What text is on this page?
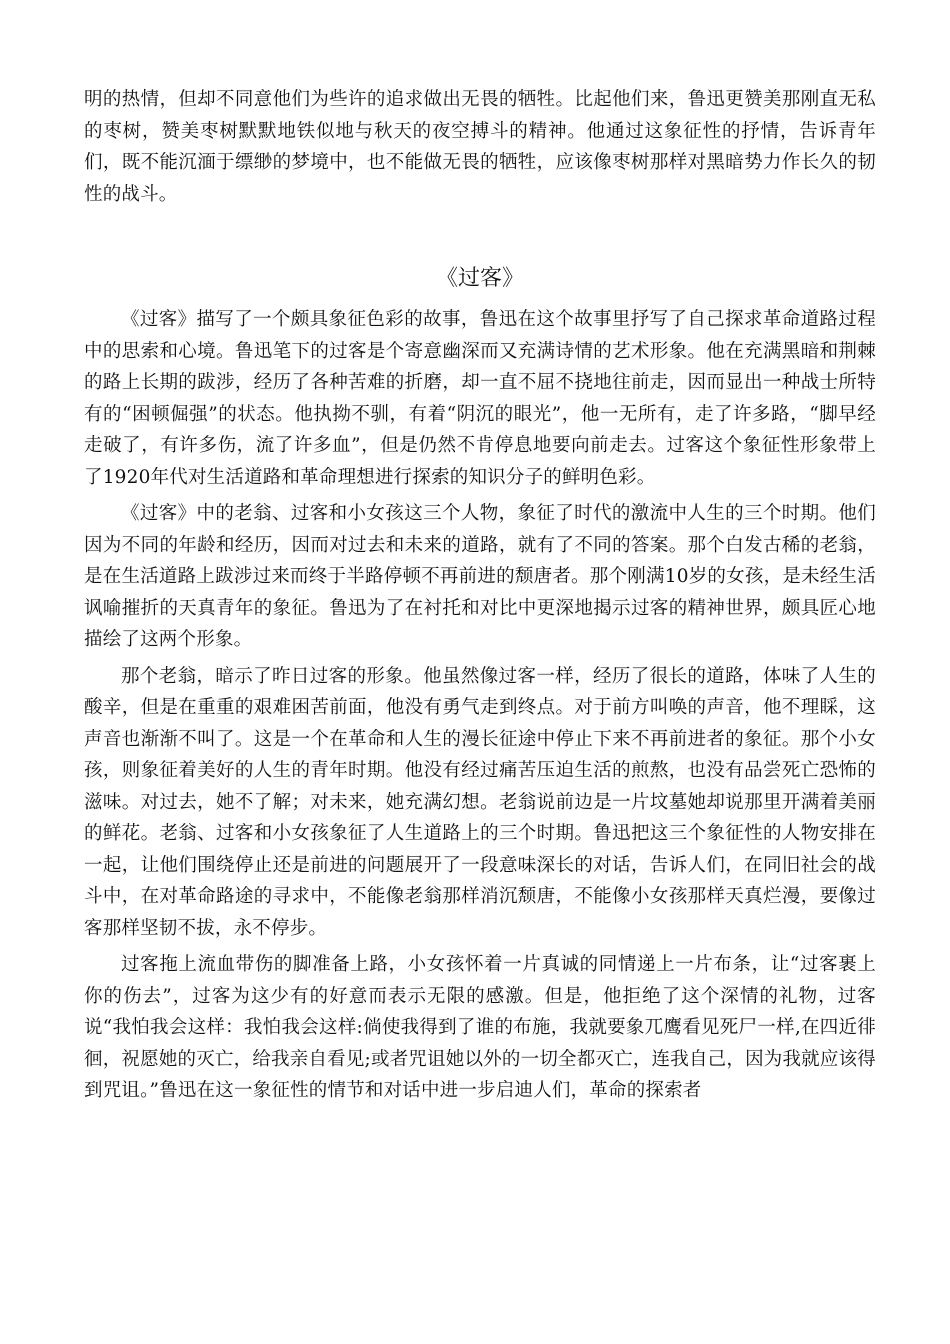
明的热情，但却不同意他们为些许的追求做出无畏的牺牲。比起他们来，鲁迅更赞美那刚直无私的枣树，赞美枣树默默地铁似地与秋天的夜空搏斗的精神。他通过这象征性的抒情，告诉青年们，既不能沉湎于缥缈的梦境中，也不能做无畏的牺牲，应该像枣树那样对黑暗势力作长久的韧性的战斗。

《过客》

《过客》描写了一个颇具象征色彩的故事，鲁迅在这个故事里抒写了自己探求革命道路过程中的思索和心境。鲁迅笔下的过客是个寄意幽深而又充满诗情的艺术形象。他在充满黑暗和荆棘的路上长期的跋涉，经历了各种苦难的折磨，却一直不屈不挠地往前走，因而显出一种战士所特有的“困顿倔强”的状态。他执拗不驯，有着“阴沉的眼光”，他一无所有，走了许多路，“脚早经走破了，有许多伤，流了许多血”，但是仍然不肯停息地要向前走去。过客这个象征性形象带上了1920年代对生活道路和革命理想进行探索的知识分子的鲜明色彩。

《过客》中的老翁、过客和小女孩这三个人物，象征了时代的激流中人生的三个时期。他们因为不同的年龄和经历，因而对过去和未来的道路，就有了不同的答案。那个白发古稀的老翁，是在生活道路上跋涉过来而终于半路停顿不再前进的颓唐者。那个刚满10岁的女孩，是未经生活讽喻摧折的天真青年的象征。鲁迅为了在衬托和对比中更深地揭示过客的精神世界，颇具匠心地描绘了这两个形象。

那个老翁，暗示了昨日过客的形象。他虽然像过客一样，经历了很长的道路，体味了人生的酸辛，但是在重重的艰难困苦前面，他没有勇气走到终点。对于前方叫唤的声音，他不理睬，这声音也渐渐不叫了。这是一个在革命和人生的漫长征途中停止下来不再前进者的象征。那个小女孩，则象征着美好的人生的青年时期。他没有经过痛苦压迫生活的煎熬，也没有品尝死亡恐怖的滋味。对过去，她不了解；对未来，她充满幻想。老翁说前边是一片坟墓她却说那里开满着美丽的鲜花。老翁、过客和小女孩象征了人生道路上的三个时期。鲁迅把这三个象征性的人物安排在一起，让他们围绕停止还是前进的问题展开了一段意味深长的对话，告诉人们，在同旧社会的战斗中，在对革命路途的寻求中，不能像老翁那样消沉颓唐，不能像小女孩那样天真烂漫，要像过客那样坚韧不拔，永不停步。

过客拖上流血带伤的脚准备上路，小女孩怀着一片真诚的同情递上一片布条，让“过客裹上你的伤去”，过客为这少有的好意而表示无限的感激。但是，他拒绝了这个深情的礼物，过客说“我怕我会这样：我怕我会这样:倘使我得到了谁的布施，我就要象兀鹰看见死尸一样,在四近徘徊，祝愿她的灭亡，给我亲自看见;或者咒诅她以外的一切全都灭亡，连我自己，因为我就应该得到咒诅。”鲁迅在这一象征性的情节和对话中进一步启迪人们，革命的探索者
